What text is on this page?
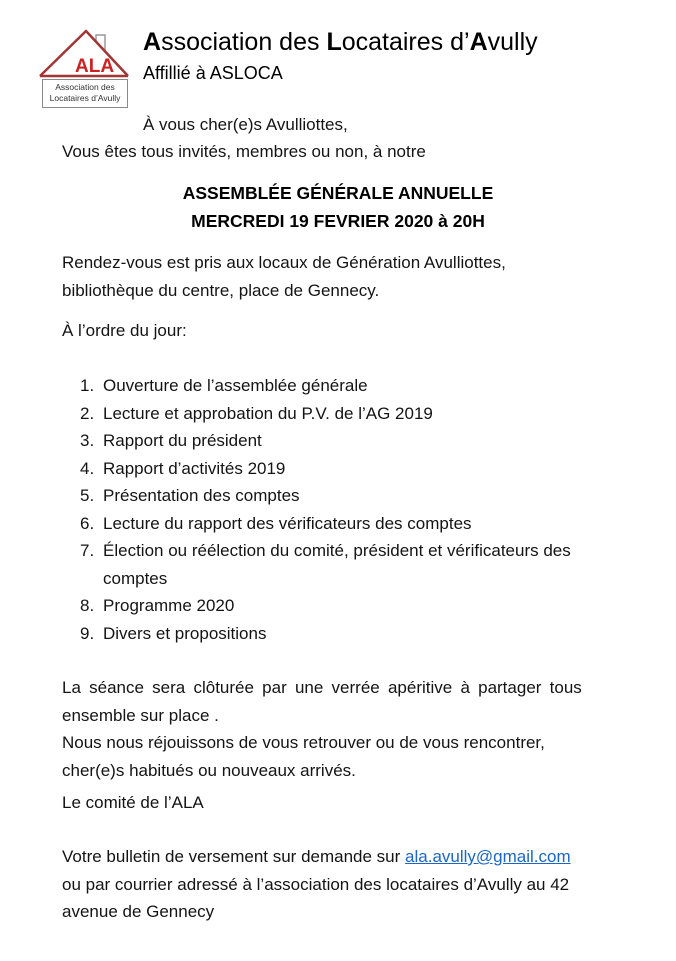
ALA
Association des
Locataires d’Avully
Association des Locataires d’Avully
Affillié à ASLOCA
À vous cher(e)s Avulliottes,
Vous êtes tous invités, membres ou non, à notre
ASSEMBLÉE GÉNÉRALE ANNUELLE
MERCREDI 19 FEVRIER 2020 à 20H
Rendez-vous est pris aux locaux de Génération Avulliottes,
bibliothèque du centre, place de Gennecy.
À l’ordre du jour:
1. Ouverture de l’assemblée générale
2. Lecture et approbation du P.V. de l’AG 2019
3. Rapport du président
4. Rapport d’activités 2019
5. Présentation des comptes
6. Lecture du rapport des vérificateurs des comptes
7. Élection ou réélection du comité, président et vérificateurs des
comptes
8. Programme 2020
9. Divers et propositions
La séance sera clôturée par une verrée apéritive à partager tous
ensemble sur place .
Nous nous réjouissons de vous retrouver ou de vous rencontrer,
cher(e)s habitués ou nouveaux arrivés.
Le comité de l’ALA
Votre bulletin de versement sur demande sur ala.avully@gmail.com
ou par courrier adressé à l’association des locataires d’Avully au 42
avenue de Gennecy
